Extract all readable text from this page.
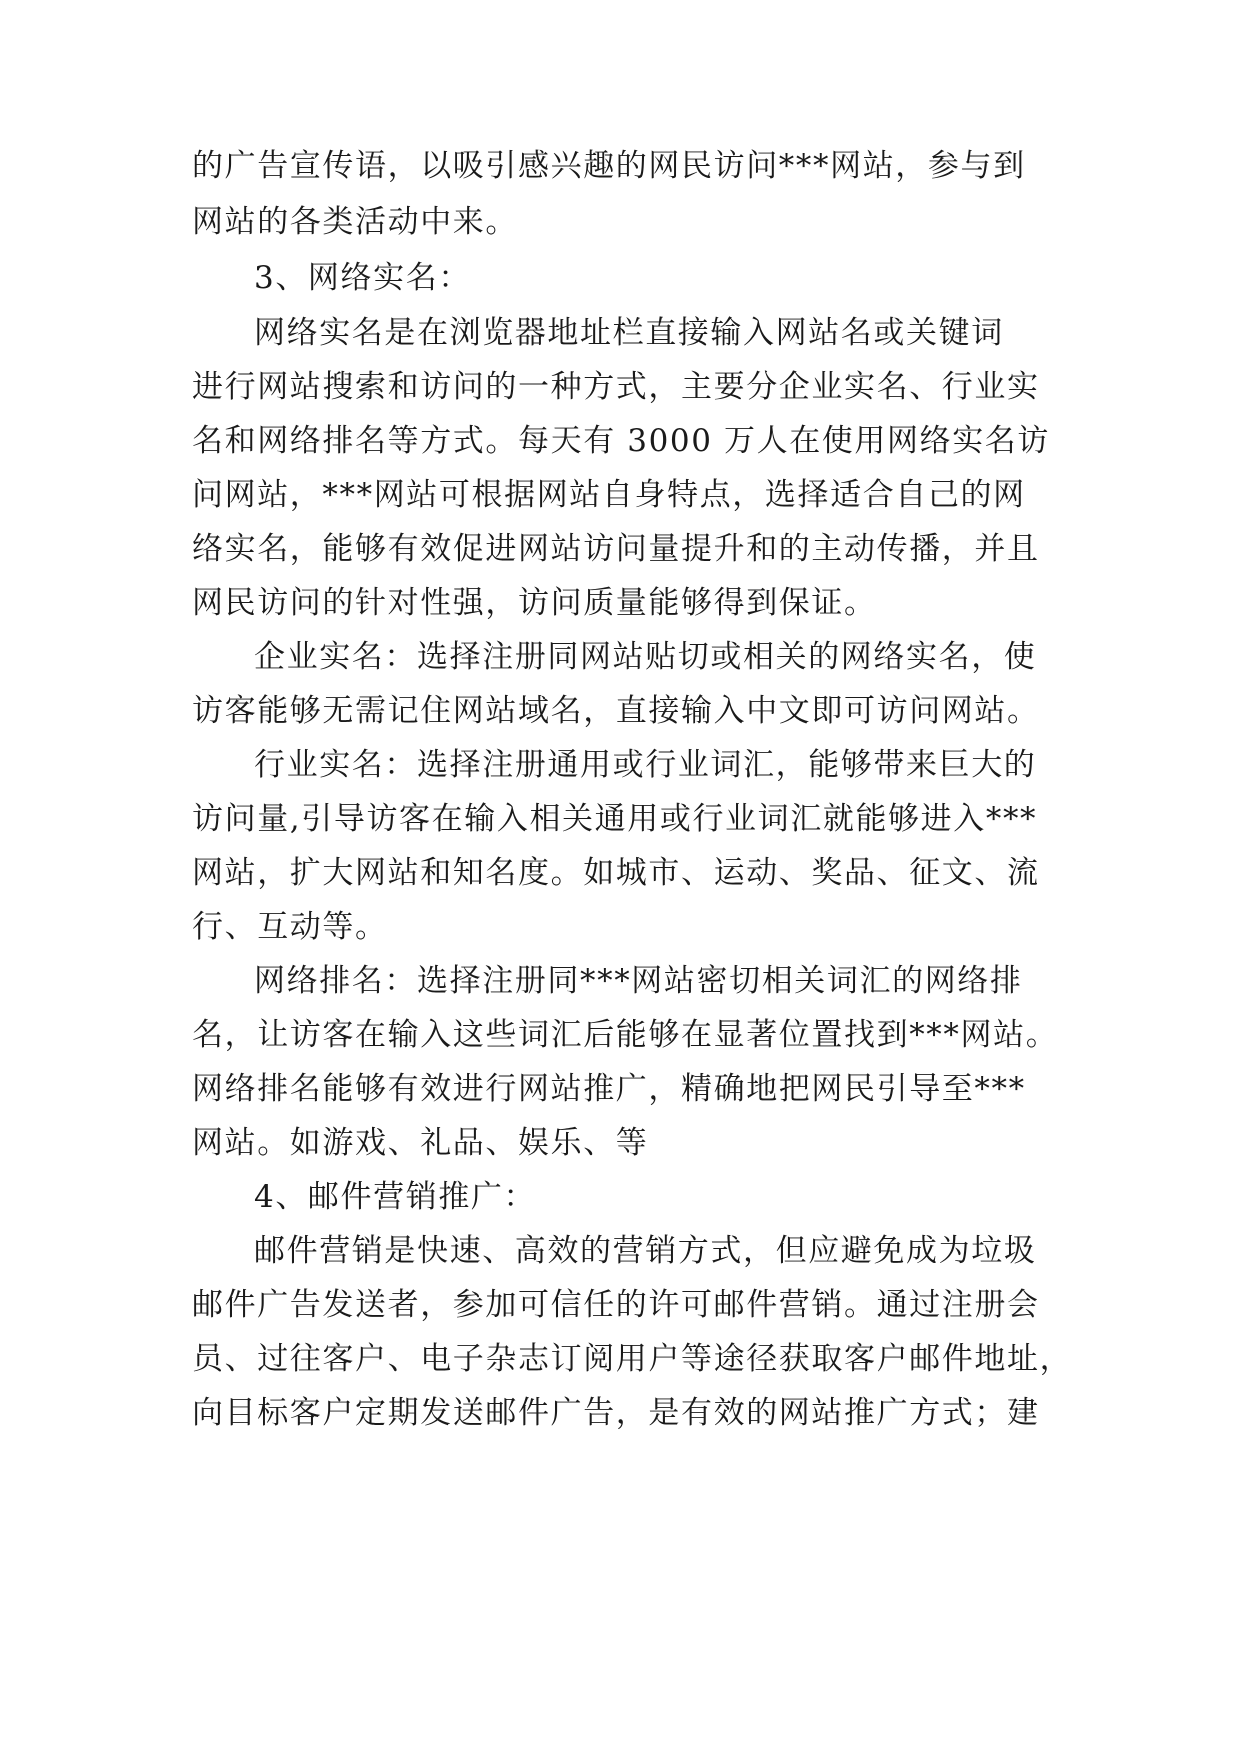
的广告宣传语，以吸引感兴趣的网民访问***网站，参与到
网站的各类活动中来。
3、网络实名：
网络实名是在浏览器地址栏直接输入网站名或关键词
进行网站搜索和访问的一种方式，主要分企业实名、行业实
名和网络排名等方式。每天有 3000 万人在使用网络实名访
问网站，***网站可根据网站自身特点，选择适合自己的网
络实名，能够有效促进网站访问量提升和的主动传播，并且
网民访问的针对性强，访问质量能够得到保证。
企业实名：选择注册同网站贴切或相关的网络实名，使
访客能够无需记住网站域名，直接输入中文即可访问网站。
行业实名：选择注册通用或行业词汇，能够带来巨大的
访问量,引导访客在输入相关通用或行业词汇就能够进入***
网站，扩大网站和知名度。如城市、运动、奖品、征文、流
行、互动等。
网络排名：选择注册同***网站密切相关词汇的网络排
名，让访客在输入这些词汇后能够在显著位置找到***网站。
网络排名能够有效进行网站推广，精确地把网民引导至***
网站。如游戏、礼品、娱乐、等
4、邮件营销推广：
邮件营销是快速、高效的营销方式，但应避免成为垃圾
邮件广告发送者，参加可信任的许可邮件营销。通过注册会
员、过往客户、电子杂志订阅用户等途径获取客户邮件地址，
向目标客户定期发送邮件广告，是有效的网站推广方式；建
